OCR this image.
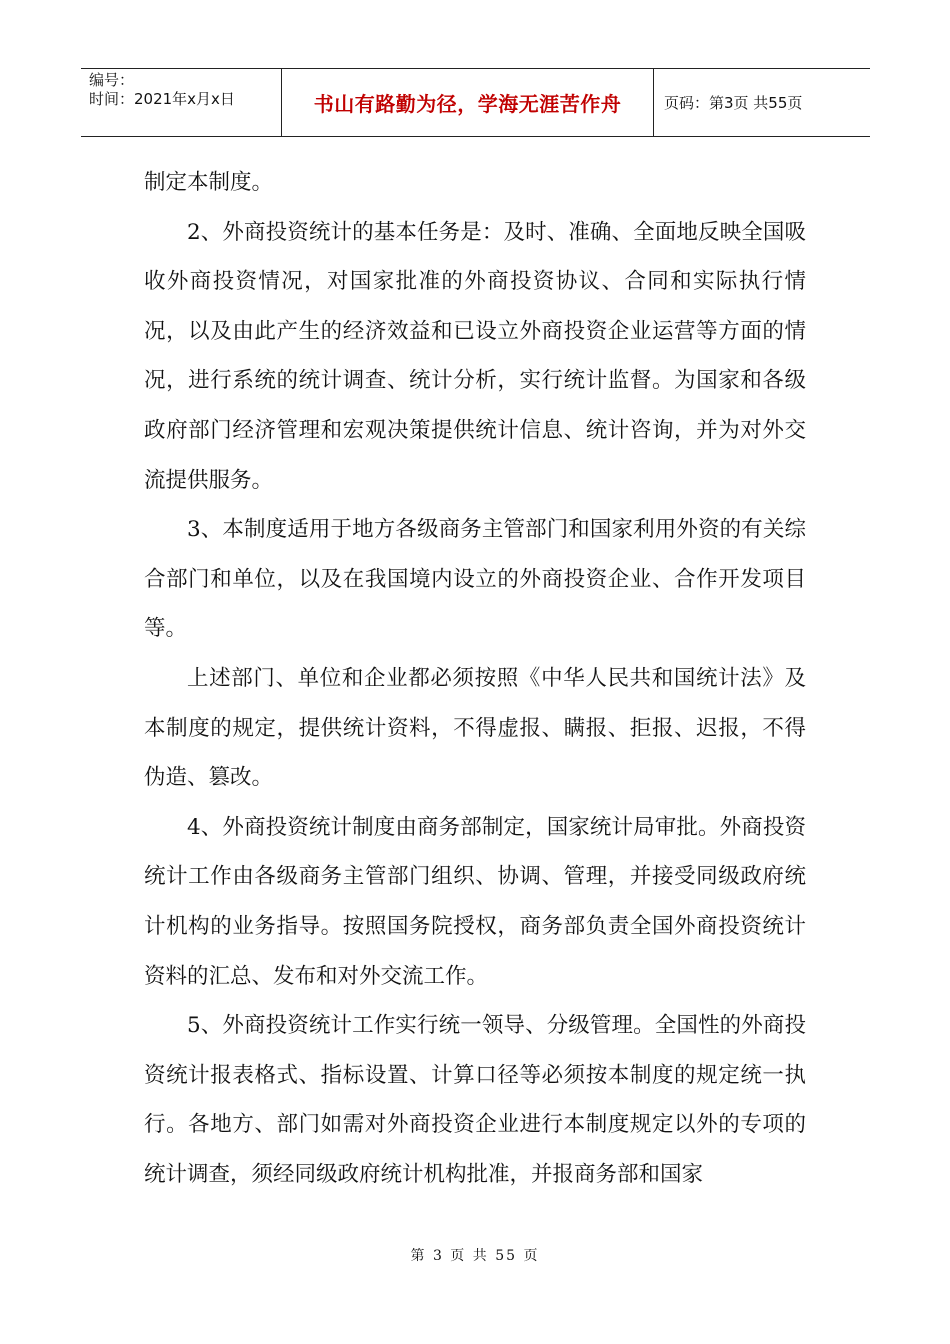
编号：
时间：2021年x月x日	书山有路勤为径，学海无涯苦作舟	页码：第3页 共55页

制定本制度。

2、外商投资统计的基本任务是：及时、准确、全面地反映全国吸收外商投资情况，对国家批准的外商投资协议、合同和实际执行情况，以及由此产生的经济效益和已设立外商投资企业运营等方面的情况，进行系统的统计调查、统计分析，实行统计监督。为国家和各级政府部门经济管理和宏观决策提供统计信息、统计咨询，并为对外交流提供服务。

3、本制度适用于地方各级商务主管部门和国家利用外资的有关综合部门和单位，以及在我国境内设立的外商投资企业、合作开发项目等。

上述部门、单位和企业都必须按照《中华人民共和国统计法》及本制度的规定，提供统计资料，不得虚报、瞒报、拒报、迟报，不得伪造、篡改。

4、外商投资统计制度由商务部制定，国家统计局审批。外商投资统计工作由各级商务主管部门组织、协调、管理，并接受同级政府统计机构的业务指导。按照国务院授权，商务部负责全国外商投资统计资料的汇总、发布和对外交流工作。

5、外商投资统计工作实行统一领导、分级管理。全国性的外商投资统计报表格式、指标设置、计算口径等必须按本制度的规定统一执行。各地方、部门如需对外商投资企业进行本制度规定以外的专项的统计调查，须经同级政府统计机构批准，并报商务部和国家

第 3 页 共 55 页
